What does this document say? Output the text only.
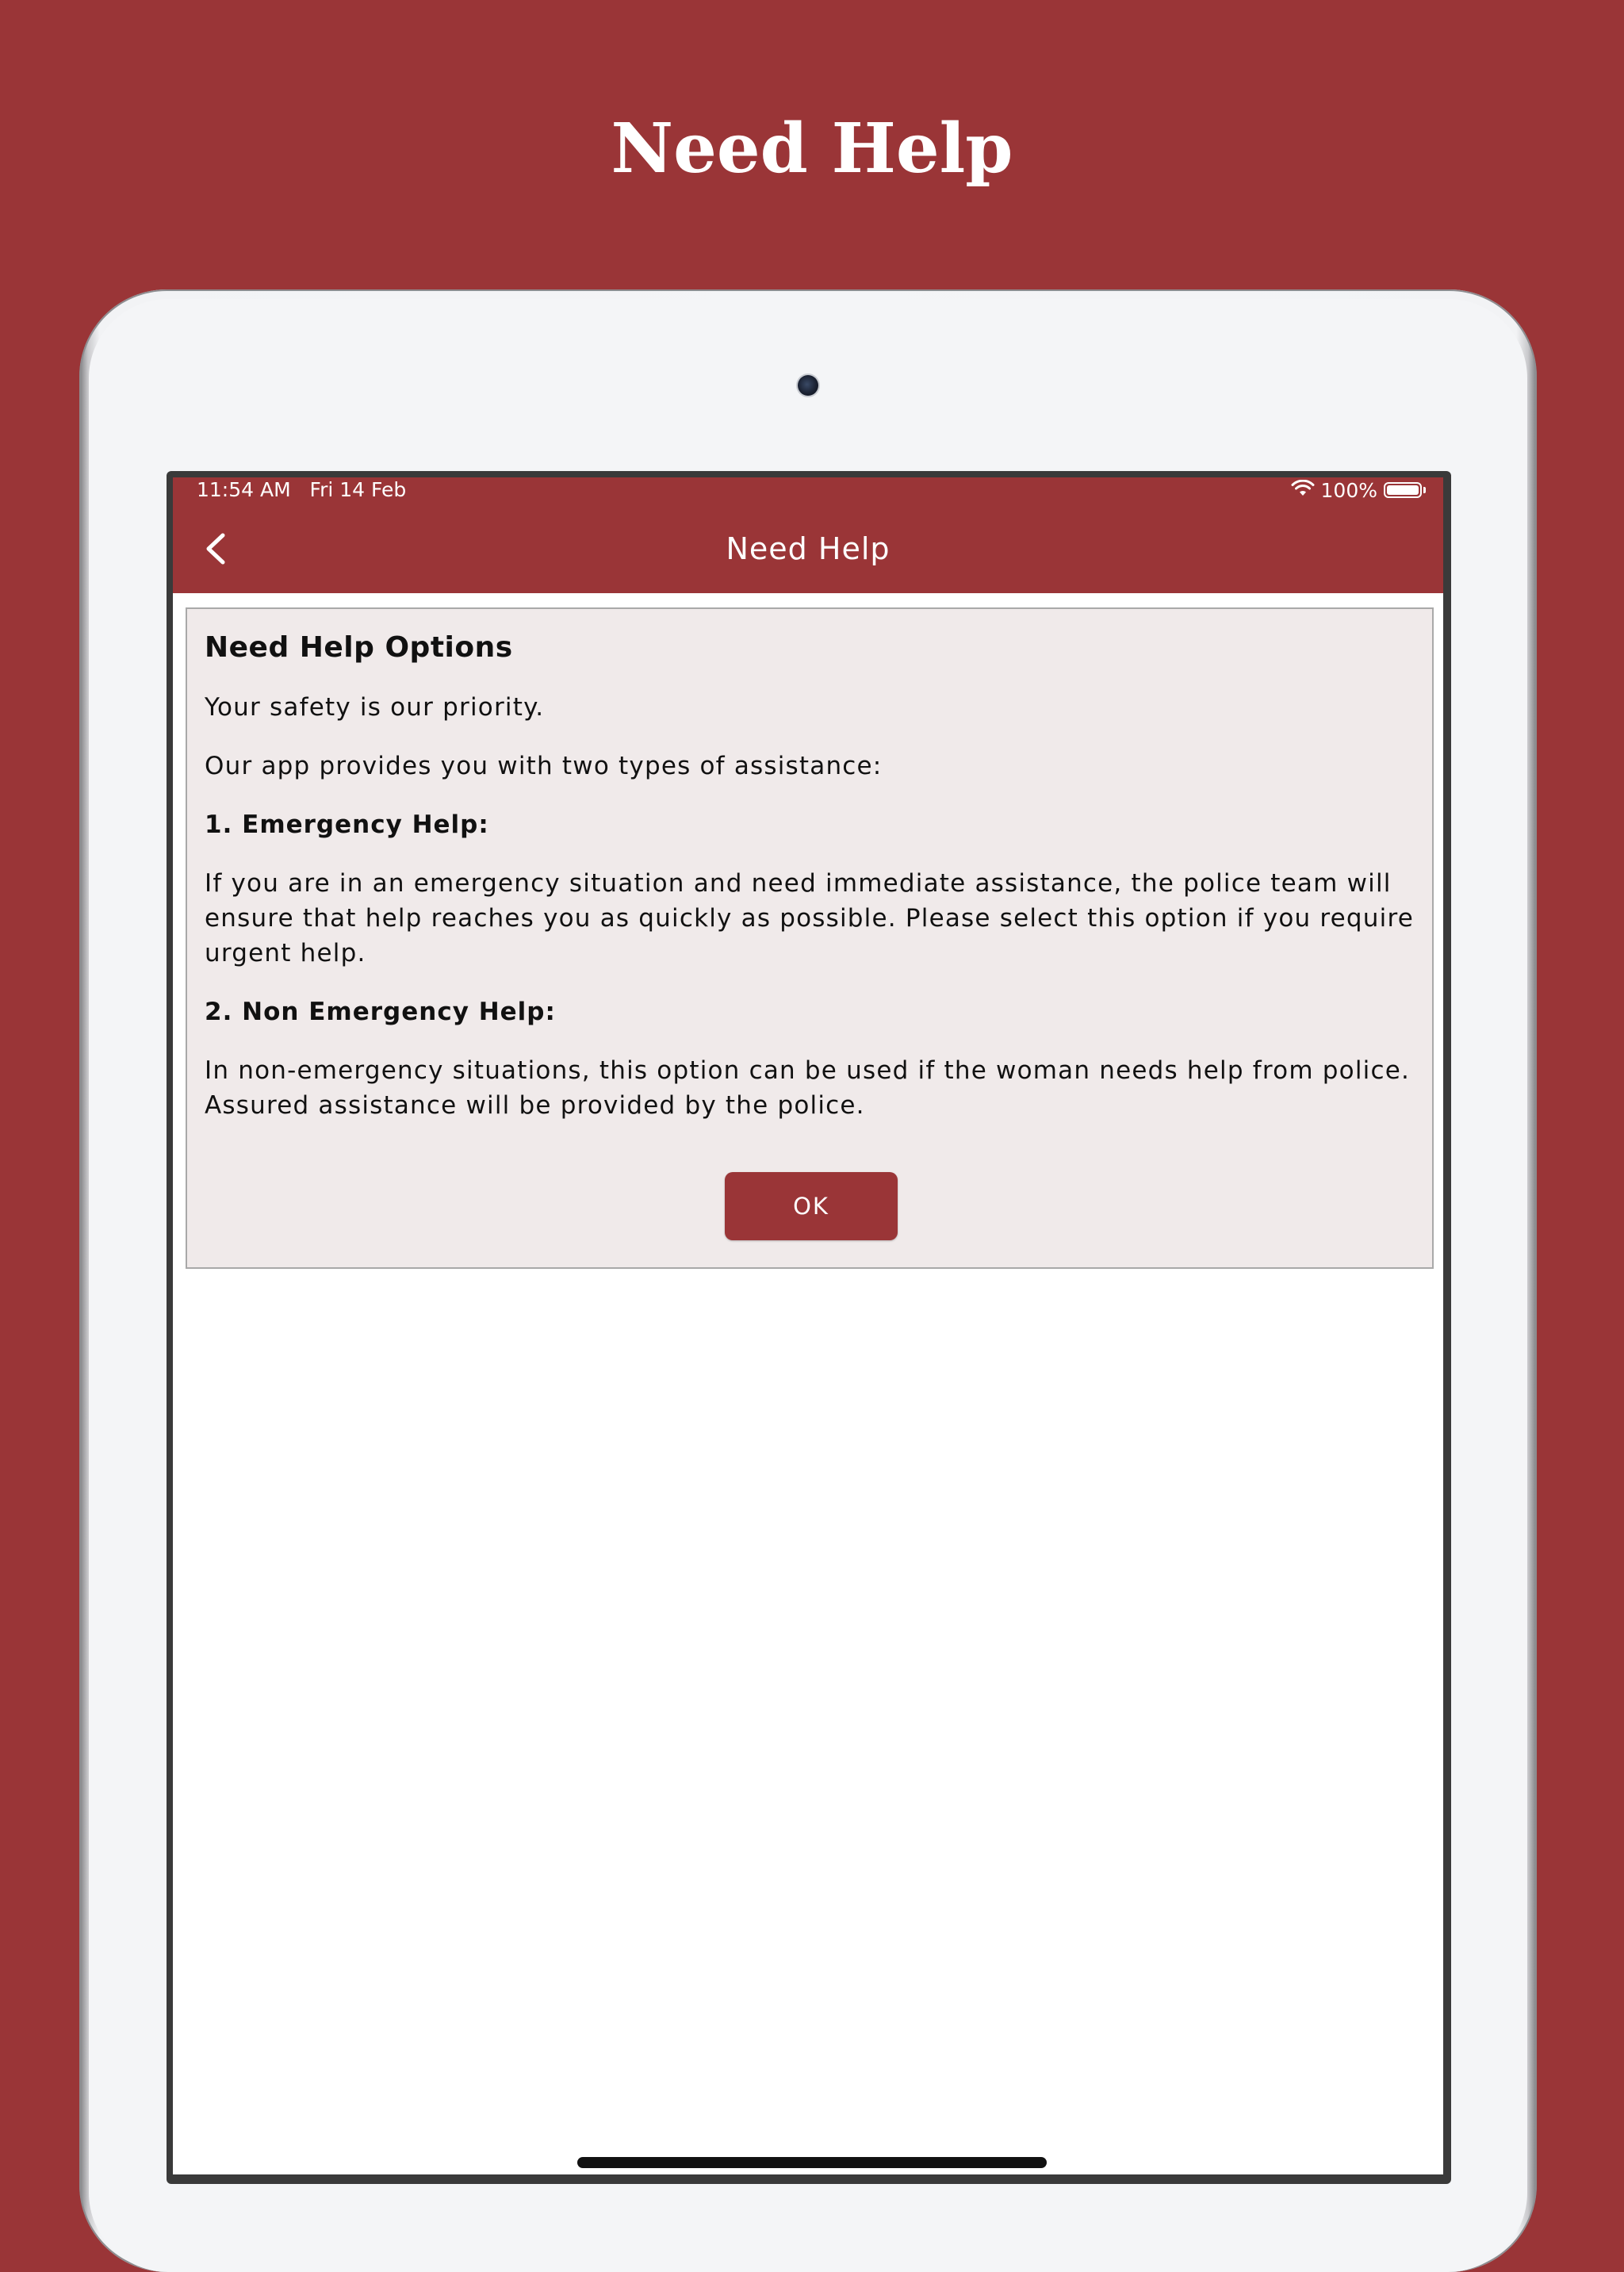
Need Help
11:54 AM Fri 14 Feb	100%
Need Help

Need Help Options

Your safety is our priority.

Our app provides you with two types of assistance:

1. Emergency Help:

If you are in an emergency situation and need immediate assistance, the police team will ensure that help reaches you as quickly as possible. Please select this option if you require urgent help.

2. Non Emergency Help:

In non-emergency situations, this option can be used if the woman needs help from police. Assured assistance will be provided by the police.

OK
